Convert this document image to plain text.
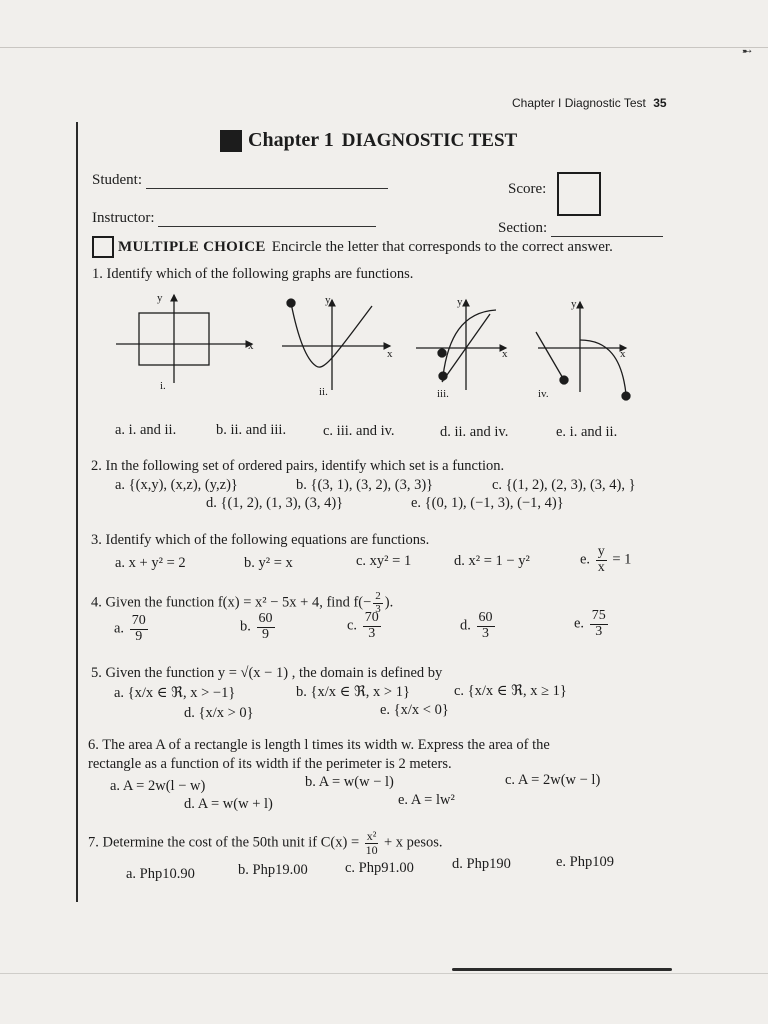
➸
Chapter I Diagnostic Test 35
Chapter 1 DIAGNOSTIC TEST
Student:
Score:
Instructor:
Section:
MULTIPLE CHOICE Encircle the letter that corresponds to the correct answer.
1. Identify which of the following graphs are functions.
y
x
y
x
y
x
y
x
i.	ii.	iii.	iv.
a. i. and ii.	b. ii. and iii.	c. iii. and iv.	d. ii. and iv.	e. i. and ii.
2. In the following set of ordered pairs, identify which set is a function.
a. {(x,y), (x,z), (y,z)}	b. {(3, 1), (3, 2), (3, 3)}	c. {(1, 2), (2, 3), (3, 4), }
d. {(1, 2), (1, 3), (3, 4)}	e. {(0, 1), (−1, 3), (−1, 4)}
3. Identify which of the following equations are functions.
a. x + y² = 2	b. y² = x	c. xy² = 1	d. x² = 1 − y²	e. $\frac{y}{x} = 1$
4. Given the function f(x) = x² − 5x + 4, find $f(- \frac{2}{3}$ ).
a. $\frac{70}{9}$	b. $\frac{60}{9}$	c. $\frac{70}{3}$	d. $\frac{60}{3}$	e. $\frac{75}{3}$
5. Given the function y = √(x − 1) , the domain is defined by
a. {x/x ∈ ℜ, x > −1}	b. {x/x ∈ ℜ, x > 1}	c. {x/x ∈ ℜ, x ≥ 1}
d. {x/x > 0}	e. {x/x < 0}
6. The area A of a rectangle is length l times its width w. Express the area of the
rectangle as a function of its width if the perimeter is 2 meters.
a. A = 2w(l − w)	b. A = w(w − l)	c. A = 2w(w − l)
d. A = w(w + l)	e. A = lw²
7. Determine the cost of the 50th unit if $C(x) = \frac{\text{x²}}{10} + x$ pesos.
a. Php10.90	b. Php19.00	c. Php91.00	d. Php190	e. Php109
